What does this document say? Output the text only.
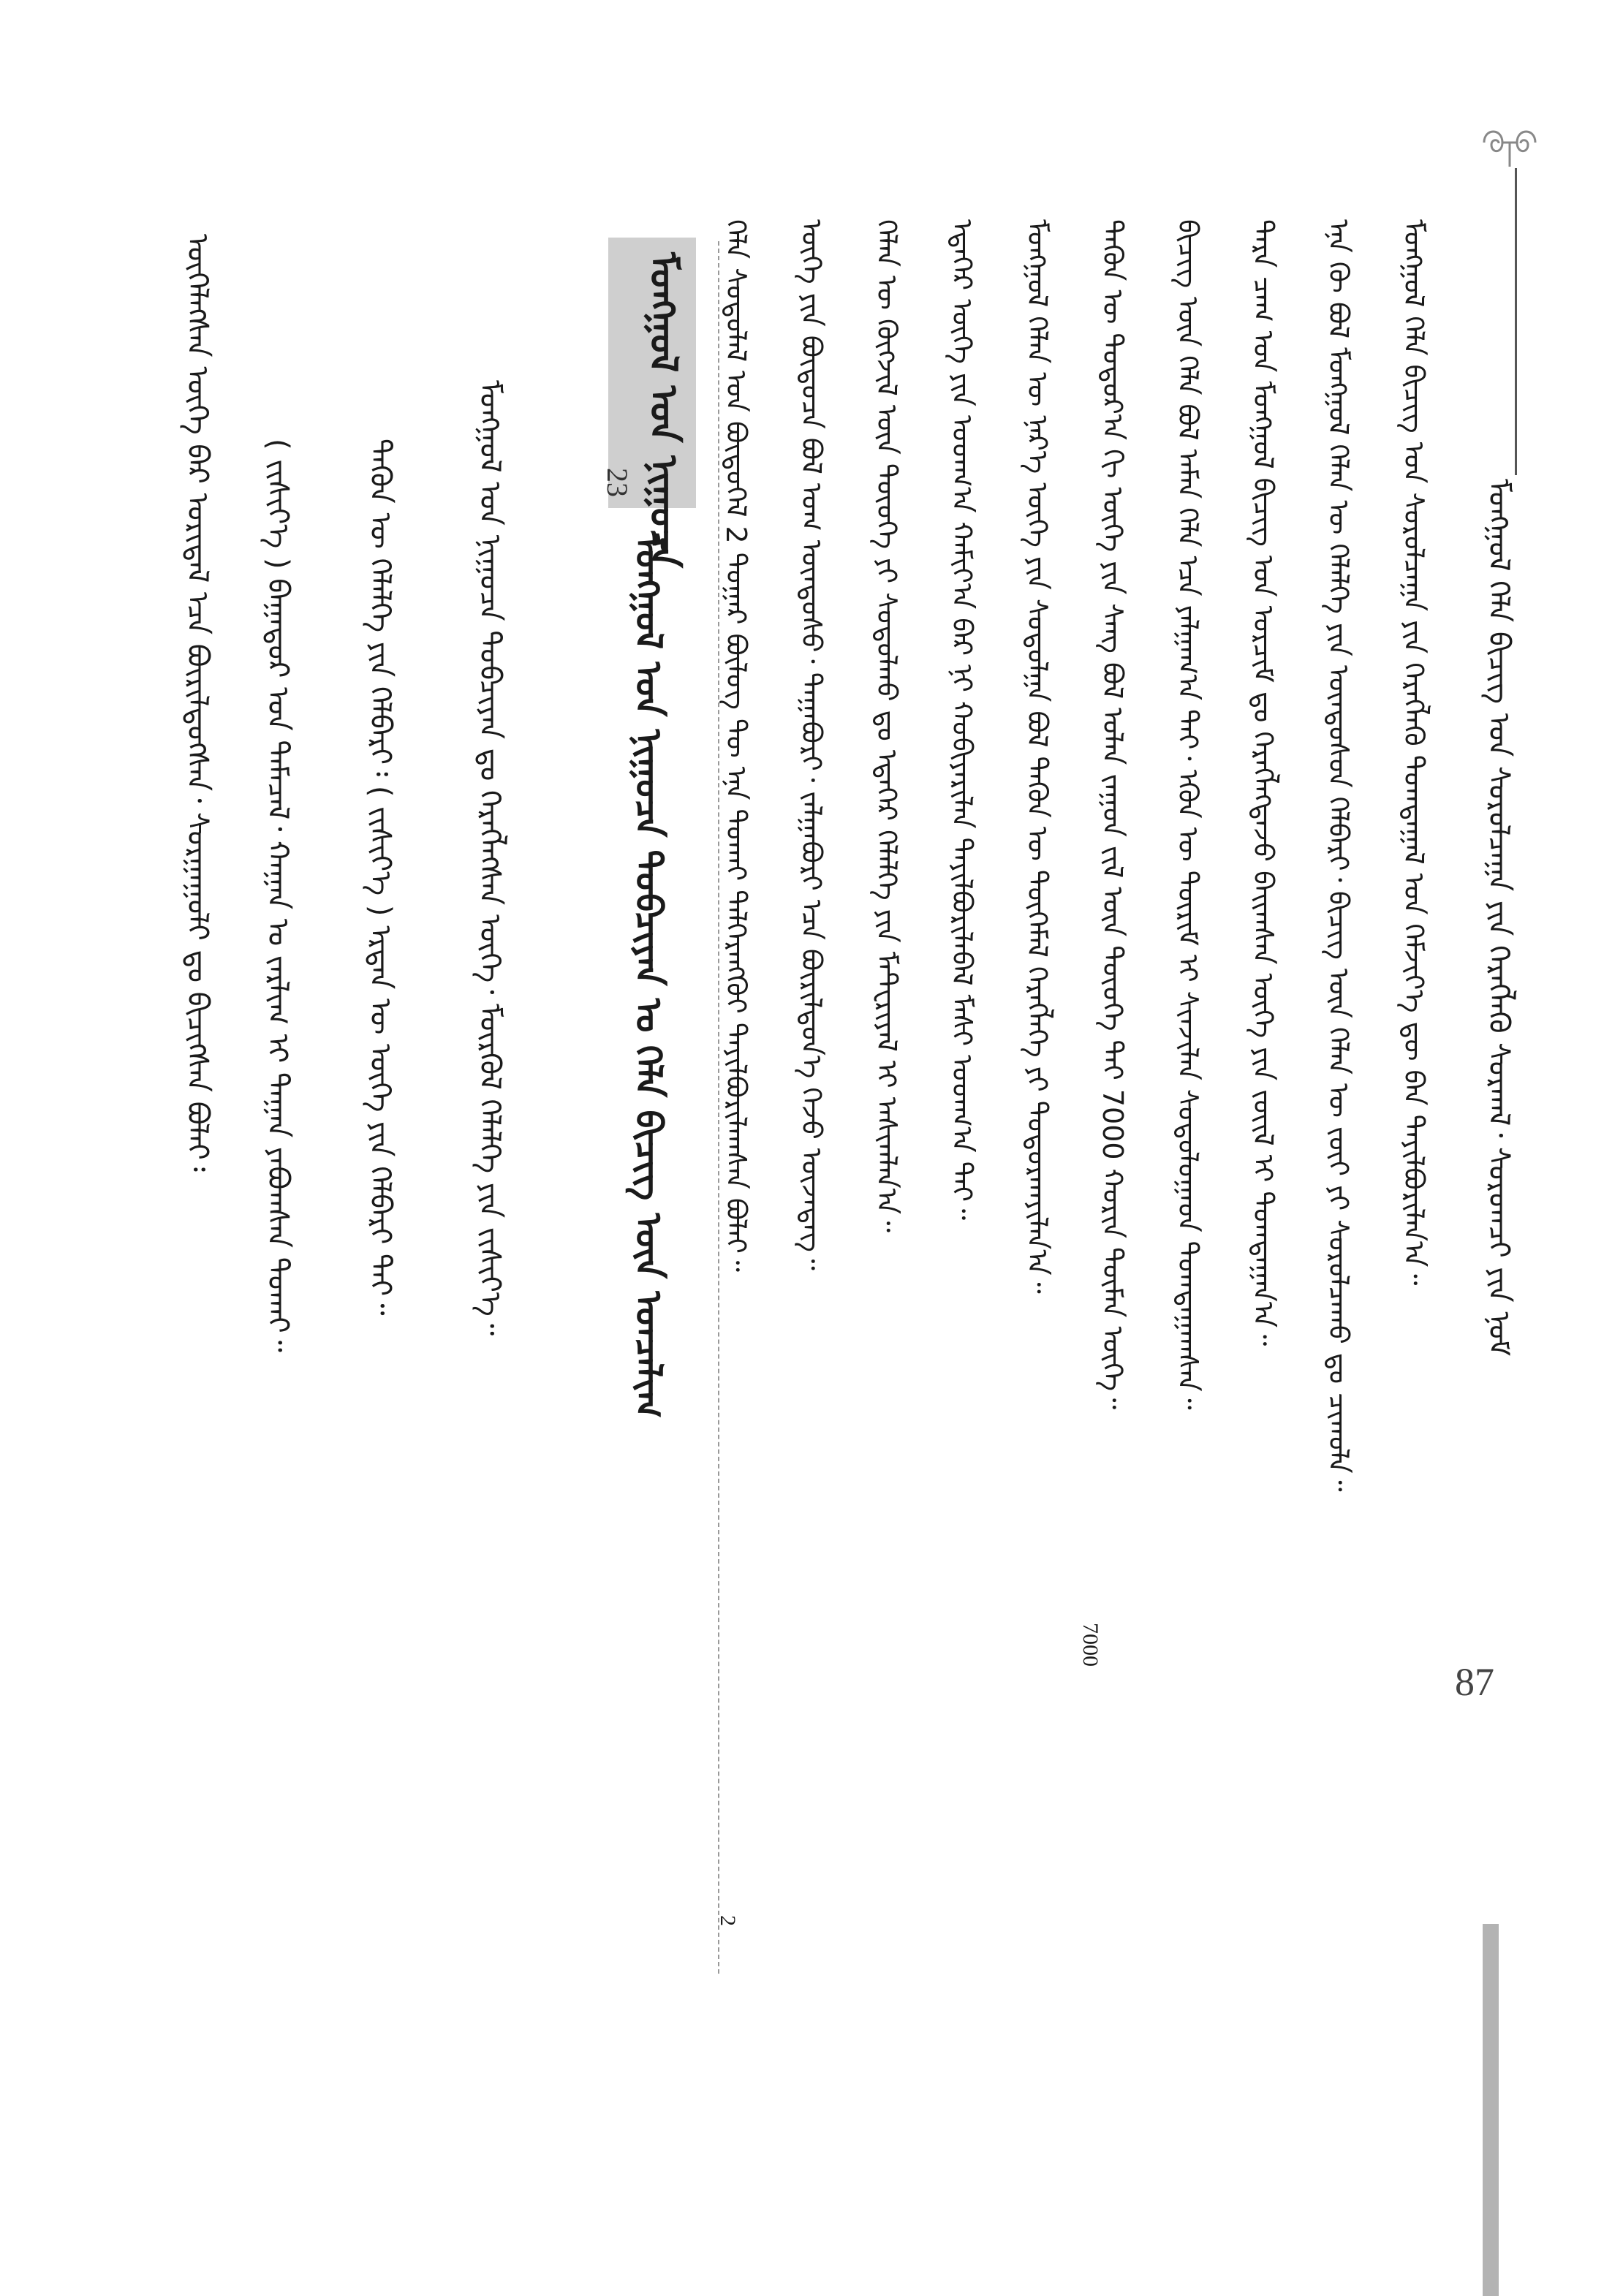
ᠮᠣᠩᠭᠣᠯ ᠬᠡᠯᠡ ᠪᠢᠴᠢᠭ ᠤᠨ ᠰᠤᠷᠤᠯᠴᠠᠭᠠ ᠶᠢᠨ ᠬᠡᠷᠡᠭᠯᠡᠬᠦ ᠰᠤᠷᠬᠠᠯ᠂ ᠰᠤᠷᠤᠭᠴᠢ ᠶᠢᠨ ᠨᠣᠮ
87
ᠮᠣᠩᠭᠣᠯ ᠬᠡᠯᠡ ᠪᠢᠴᠢᠭ ᠤᠨ ᠰᠤᠷᠤᠯᠴᠠᠭᠠ ᠶᠢᠨ ᠬᠡᠷᠡᠭᠯᠡᠬᠦ ᠲᠣᠭᠲᠠᠭᠠᠯ ᠤᠨ ᠬᠡᠮᠵᠢᠶ᠎ᠡ ᠳᠦ ᠪᠠᠨ ᠲᠠᠶᠢᠯᠪᠤᠷᠢᠯᠠᠨ᠎ᠠ᠃
ᠡᠨᠡ ᠬᠦ ᠪᠣᠯ ᠮᠣᠩᠭᠣᠯ ᠬᠡᠯᠡᠨ ᠦ ᠬᠡᠯᠡᠯᠭᠡ ᠶᠢᠨ ᠦᠨᠳᠦᠰᠦᠨ ᠬᠡᠯᠪᠡᠷᠢ᠂ ᠪᠢᠴᠢᠭ ᠦᠨ ᠬᠡᠯᠡᠨ ᠦ ᠵᠦᠢ ᠶᠢ ᠰᠤᠷᠤᠯᠴᠠᠬᠤ ᠳᠤ ᠴᠢᠬᠤᠯᠠ᠃
ᠲᠡᠷᠡ ᠴᠠᠭ ᠤᠨ ᠮᠣᠩᠭᠣᠯ ᠪᠢᠴᠢᠭ ᠤᠨ ᠣᠷᠴᠢᠮ ᠳᠤ ᠬᠡᠷᠡᠭᠯᠡᠭᠳᠡᠵᠦ ᠪᠠᠢᠭᠰᠠᠨ ᠦᠭᠡ ᠶᠢᠨ ᠵᠦᠢᠯ ᠢ ᠲᠣᠭᠲᠠᠭᠠᠨ᠎ᠠ᠃
ᠪᠢᠴᠢᠭ ᠦᠨ ᠬᠡᠯᠡ ᠪᠣᠯ ᠠᠮᠠᠨ ᠬᠡᠯᠡ ᠡᠴᠡ ᠶᠠᠯᠭᠠᠭ᠎ᠠ ᠲᠠᠢ᠂ ᠡᠭᠦᠨ ᠦ ᠳᠦᠷᠢᠮ ᠢ ᠰᠢᠨᠵᠢᠯᠡᠨ ᠰᠤᠳᠤᠯᠤᠭᠠᠳ ᠲᠣᠭᠲᠠᠭᠠᠭᠰᠠᠨ᠃
ᠲᠡᠭᠦᠨ ᠦ ᠳᠣᠲᠣᠷ᠎ᠠ ᠬᠢ ᠦᠭᠡ ᠶᠢᠨ ᠰᠠᠩ ᠪᠣᠯ ᠣᠯᠠᠨ ᠵᠠᠭᠤᠨ ᠵᠢᠯ ᠦᠨ ᠲᠦᠦᠬᠡ ᠲᠠᠢ 7000 ᠬᠣᠷᠢᠨ ᠲᠦᠮᠡᠨ ᠦᠭᠡ᠃
ᠮᠣᠩᠭᠣᠯ ᠬᠡᠯᠡᠨ ᠦ ᠨᠡᠷ᠎ᠡ ᠦᠭᠡ ᠶᠢᠨ ᠰᠤᠳᠤᠯᠭᠠ ᠪᠣᠯ ᠲᠡᠭᠦᠨ ᠦ ᠲᠦᠭᠡᠮᠡᠯ ᠬᠡᠷᠡᠭᠯᠡᠭᠡ ᠶᠢ ᠲᠣᠳᠤᠷᠬᠠᠶᠢᠯᠠᠨ᠎ᠠ᠃
ᠡᠳᠡᠭᠡᠷ ᠦᠭᠡ ᠶᠢᠨ ᠤᠳᠬ᠎ᠠ ᠬᠠᠮᠢᠶ᠎ᠠ ᠪᠠᠷ ᠨᠢ ᠬᠤᠪᠢᠶᠠᠷᠢᠯᠠᠨ ᠲᠠᠶᠢᠯᠪᠤᠷᠢᠯᠠᠪᠠᠯ ᠮᠠᠰᠢ ᠤᠳᠬ᠎ᠠ ᠲᠠᠢ᠃
ᠬᠡᠯᠡᠨ ᠦ ᠬᠥᠭᠵᠢᠯ ᠦᠨ ᠲᠦᠦᠬᠡ ᠶᠢ ᠰᠤᠳᠤᠯᠬᠤ ᠳᠤ ᠡᠳᠡᠭᠡᠷ ᠬᠡᠯᠡᠯᠭᠡ ᠶᠢᠨ ᠮᠠᠲ᠋ᠸᠷᠢᠶᠠᠯ ᠢ ᠠᠰᠢᠭᠯᠠᠨ᠎ᠠ᠃
ᠦᠭᠡ ᠶᠢᠨ ᠪᠦᠲᠦᠴᠡ ᠪᠣᠯ ᠤᠭ ᠦᠨᠳᠦᠰᠦ᠂ ᠳᠠᠭᠠᠪᠤᠷᠢ᠂ ᠵᠠᠯᠭᠠᠪᠤᠷᠢ ᠡᠴᠡ ᠪᠦᠷᠢᠯᠳᠦᠨ᠎ᠡ ᠭᠡᠵᠦ ᠦᠵᠡᠳᠡᠭ᠃
ᠬᠡᠯᠡ ᠰᠤᠳᠤᠯᠠᠯ ᠤᠨ ᠪᠦᠲᠦᠭᠡᠯ 2 ᠳᠤᠭᠠᠷ ᠪᠦᠯᠦᠭ ᠲᠦ ᠡᠨᠡ ᠲᠤᠬᠠᠢ ᠳᠡᠯᠭᠡᠷᠡᠩᠭᠦᠢ ᠲᠠᠶᠢᠯᠪᠤᠷᠢᠯᠠᠭᠰᠠᠨ ᠪᠣᠯᠠᠢ᠃
7000
2
ᠮᠣᠩᠭᠣᠯ ᠤᠨ ᠨᠢᠭᠤᠴᠠ
23
ᠮᠣᠩᠭᠣᠯ ᠤᠨ ᠨᠢᠭᠤᠴᠠ ᠲᠣᠪᠴᠢᠶᠠᠨ ᠤ ᠬᠡᠯᠡ ᠪᠢᠴᠢᠭ ᠦᠨ ᠣᠨᠴᠠᠯᠢᠭ
ᠮᠣᠩᠭᠣᠯ ᠤᠨ ᠨᠢᠭᠤᠴᠠ ᠲᠣᠪᠴᠢᠶᠠᠨ ᠳᠤ ᠬᠡᠷᠡᠭᠯᠡᠭᠰᠡᠨ ᠦᠭᠡ᠂ ᠮᠥᠷᠭᠦᠯ ᠬᠡᠯᠡᠯᠭᠡ ᠶᠢᠨ ᠵᠢᠱᠢᠶ᠎ᠡ᠃
ᠲᠡᠭᠦᠨ ᠦ ᠬᠡᠯᠡᠯᠭᠡ ᠶᠢᠨ ᠬᠡᠯᠪᠡᠷᠢ᠄ ( ᠵᠢᠱᠢᠶ᠎ᠡ ) ᠡᠷᠲᠡᠨ ᠦ ᠦᠭᠡ ᠶᠢᠨ ᠬᠡᠯᠪᠡᠷᠢ ᠲᠠᠢ᠃
( ᠵᠢᠱᠢᠶ᠎ᠡ ) ᠪᠠᠭᠠᠲᠤᠷ ᠤᠨ ᠲᠡᠮᠡᠴᠡᠯ᠂ ᠬᠠᠭᠠᠨ ᠤ ᠵᠠᠷᠯᠢᠭ ᠢ ᠳᠠᠭᠠᠨ ᠶᠠᠪᠤᠭᠰᠠᠨ ᠲᠤᠬᠠᠢ᠃
ᠦᠭᠡᠯᠡᠭᠰᠡᠨ ᠦᠭᠡ ᠪᠡᠷ ᠤᠷᠢᠳᠠᠯ ᠡᠴᠡ ᠪᠦᠷᠢᠯᠳᠦᠭᠰᠡᠨ᠂ ᠰᠤᠷᠭᠠᠭᠤᠯᠢ ᠳᠤ ᠪᠢᠴᠢᠭᠰᠡᠨ ᠪᠣᠯᠠᠢ᠄
